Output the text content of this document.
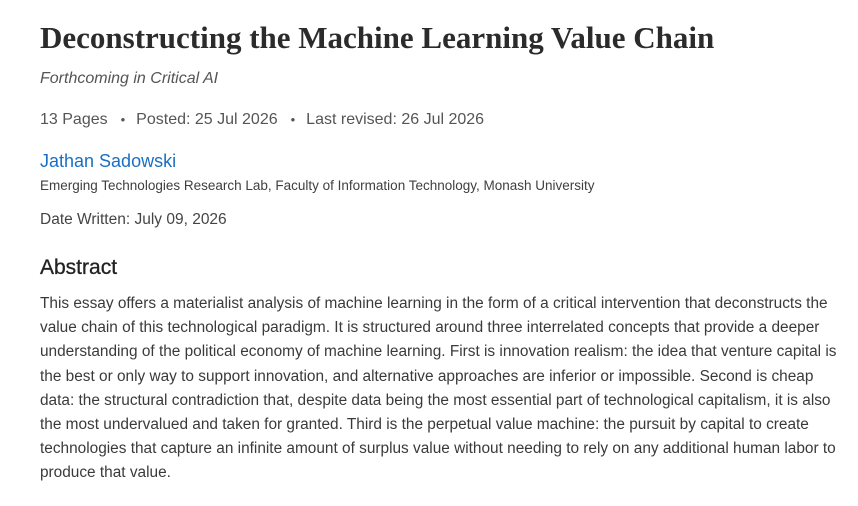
Deconstructing the Machine Learning Value Chain
Forthcoming in Critical AI
13 Pages • Posted: 25 Jul 2026 • Last revised: 26 Jul 2026
Jathan Sadowski
Emerging Technologies Research Lab, Faculty of Information Technology, Monash University
Date Written: July 09, 2026
Abstract
This essay offers a materialist analysis of machine learning in the form of a critical intervention that deconstructs the value chain of this technological paradigm. It is structured around three interrelated concepts that provide a deeper understanding of the political economy of machine learning. First is innovation realism: the idea that venture capital is the best or only way to support innovation, and alternative approaches are inferior or impossible. Second is cheap data: the structural contradiction that, despite data being the most essential part of technological capitalism, it is also the most undervalued and taken for granted. Third is the perpetual value machine: the pursuit by capital to create technologies that capture an infinite amount of surplus value without needing to rely on any additional human labor to produce that value.
